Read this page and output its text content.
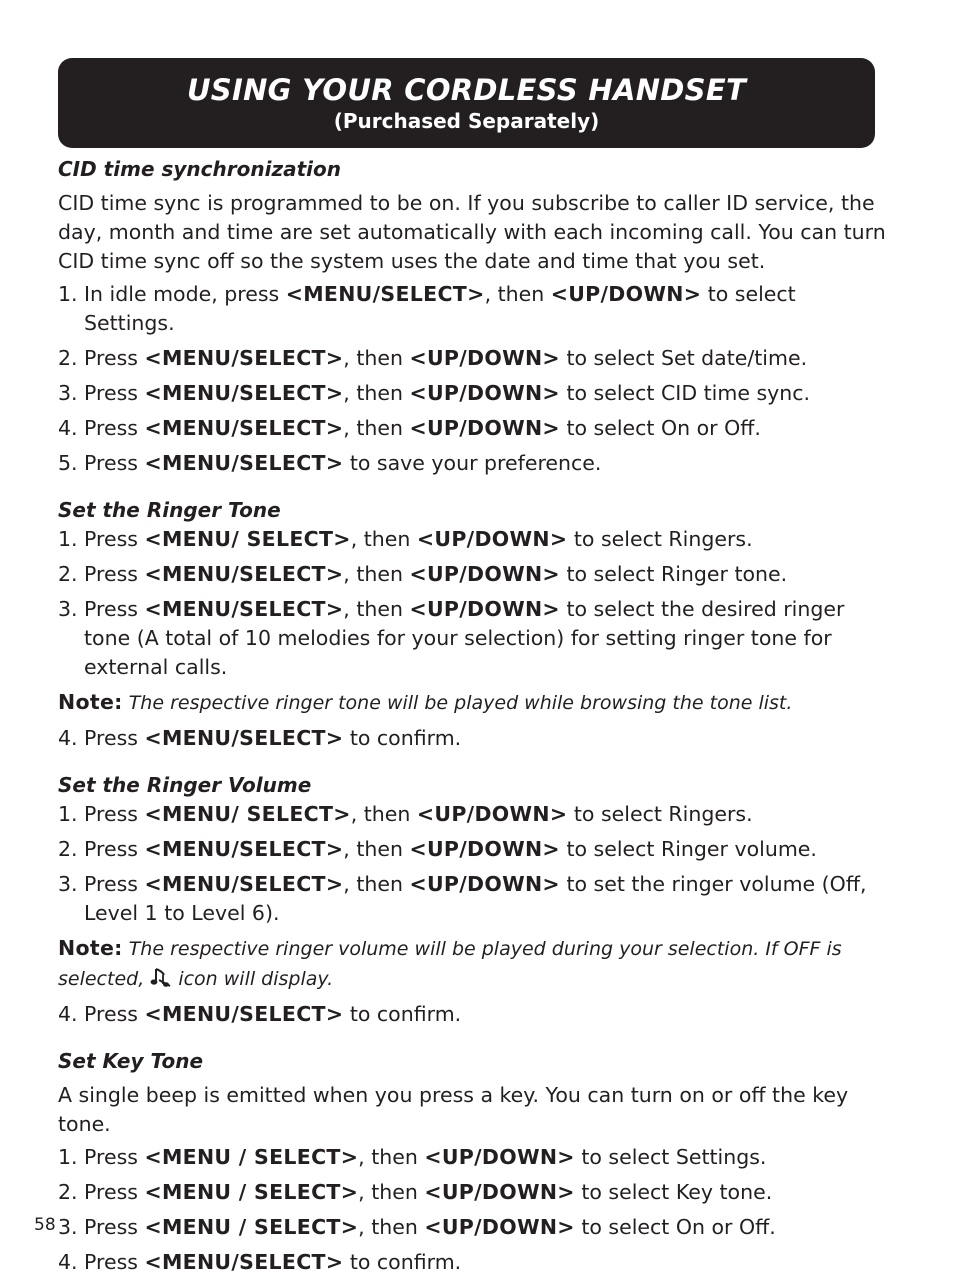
USING YOUR CORDLESS HANDSET
(Purchased Separately)
CID time synchronization

CID time sync is programmed to be on. If you subscribe to caller ID service, the day, month and time are set automatically with each incoming call. You can turn CID time sync off so the system uses the date and time that you set.

1. In idle mode, press <MENU/SELECT>, then <UP/DOWN> to select Settings.

2. Press <MENU/SELECT>, then <UP/DOWN> to select Set date/time.

3. Press <MENU/SELECT>, then <UP/DOWN> to select CID time sync.

4. Press <MENU/SELECT>, then <UP/DOWN> to select On or Off.

5. Press <MENU/SELECT> to save your preference.

Set the Ringer Tone

1. Press <MENU/ SELECT>, then <UP/DOWN> to select Ringers.

2. Press <MENU/SELECT>, then <UP/DOWN> to select Ringer tone.

3. Press <MENU/SELECT>, then <UP/DOWN> to select the desired ringer tone (A total of 10 melodies for your selection) for setting ringer tone for external calls.

Note: The respective ringer tone will be played while browsing the tone list.

4. Press <MENU/SELECT> to confirm.

Set the Ringer Volume

1. Press <MENU/ SELECT>, then <UP/DOWN> to select Ringers.

2. Press <MENU/SELECT>, then <UP/DOWN> to select Ringer volume.

3. Press <MENU/SELECT>, then <UP/DOWN> to set the ringer volume (Off, Level 1 to Level 6).

Note: The respective ringer volume will be played during your selection. If OFF is selected,  icon will display.

4. Press <MENU/SELECT> to confirm.

Set Key Tone

A single beep is emitted when you press a key. You can turn on or off the key tone.

1. Press <MENU / SELECT>, then <UP/DOWN> to select Settings.

2. Press <MENU / SELECT>, then <UP/DOWN> to select Key tone.

3. Press <MENU / SELECT>, then <UP/DOWN> to select On or Off.

4. Press <MENU/SELECT> to confirm.

58
